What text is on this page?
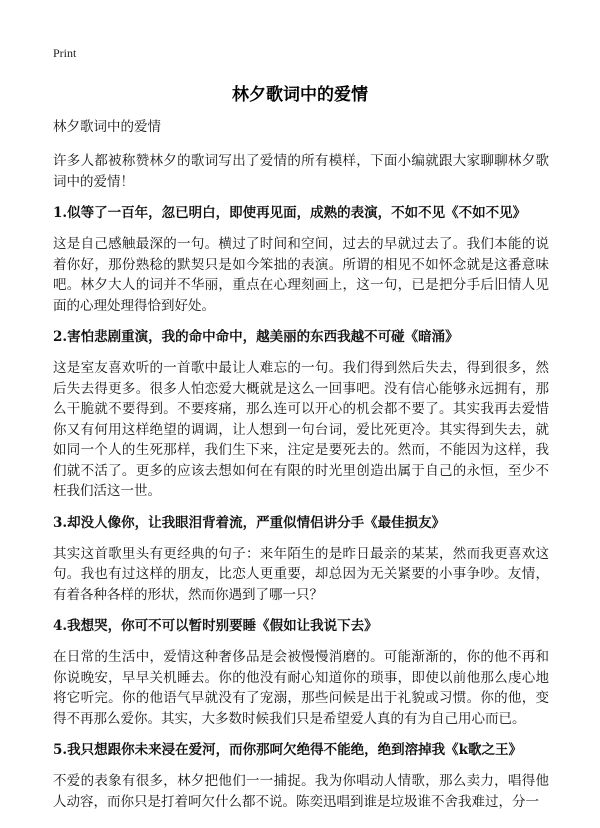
Print
林夕歌词中的爱情
林夕歌词中的爱情
许多人都被称赞林夕的歌词写出了爱情的所有模样，下面小编就跟大家聊聊林夕歌词中的爱情！
1.似等了一百年，忽已明白，即使再见面，成熟的表演，不如不见《不如不见》
这是自己感触最深的一句。横过了时间和空间，过去的早就过去了。我们本能的说着你好，那份熟稔的默契只是如今笨拙的表演。所谓的相见不如怀念就是这番意味吧。林夕大人的词并不华丽，重点在心理刻画上，这一句，已是把分手后旧情人见面的心理处理得恰到好处。
2.害怕悲剧重演，我的命中命中，越美丽的东西我越不可碰《暗涌》
这是室友喜欢听的一首歌中最让人难忘的一句。我们得到然后失去，得到很多，然后失去得更多。很多人怕恋爱大概就是这么一回事吧。没有信心能够永远拥有，那么干脆就不要得到。不要疼痛，那么连可以开心的机会都不要了。其实我再去爱惜你又有何用这样绝望的调调，让人想到一句台词，爱比死更冷。其实得到失去，就如同一个人的生死那样，我们生下来，注定是要死去的。然而，不能因为这样，我们就不活了。更多的应该去想如何在有限的时光里创造出属于自己的永恒，至少不枉我们活这一世。
3.却没人像你，让我眼泪背着流，严重似情侣讲分手《最佳损友》
其实这首歌里头有更经典的句子：来年陌生的是昨日最亲的某某，然而我更喜欢这句。我也有过这样的朋友，比恋人更重要，却总因为无关紧要的小事争吵。友情，有着各种各样的形状，然而你遇到了哪一只？
4.我想哭，你可不可以暂时别要睡《假如让我说下去》
在日常的生活中，爱情这种奢侈品是会被慢慢消磨的。可能渐渐的，你的他不再和你说晚安，早早关机睡去。你的他没有耐心知道你的琐事，即使以前他那么虔心地将它听完。你的他语气早就没有了宠溺，那些问候是出于礼貌或习惯。你的他，变得不再那么爱你。其实，大多数时候我们只是希望爱人真的有为自己用心而已。
5.我只想跟你未来浸在爱河，而你那呵欠绝得不能绝，绝到溶掉我《k歌之王》
不爱的表象有很多，林夕把他们一一捕捉。我为你唱动人情歌，那么卖力，唱得他人动容，而你只是打着呵欠什么都不说。陈奕迅唱到谁是垃圾谁不舍我难过，分一
